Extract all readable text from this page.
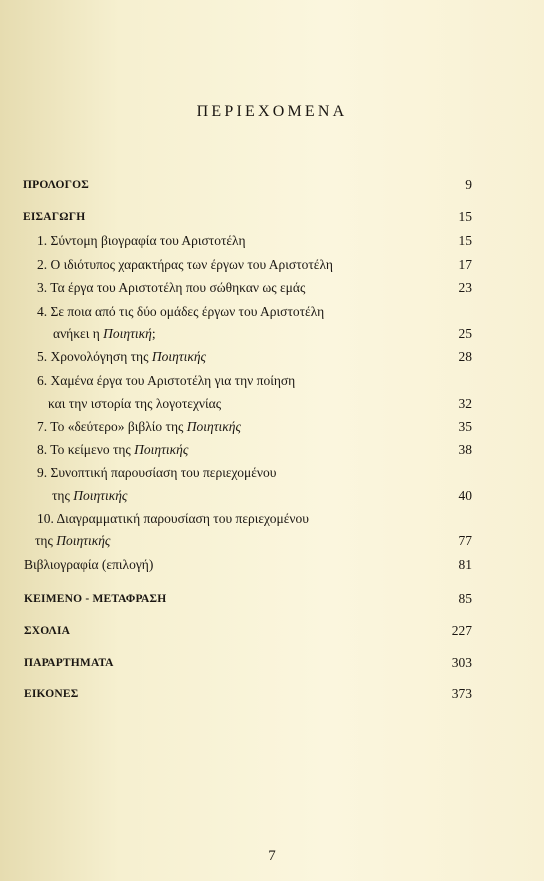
ΠΕΡΙΕΧΟΜΕΝΑ
ΠΡΟΛΟΓΟΣ	9
ΕΙΣΑΓΩΓΗ	15
1. Σύντομη βιογραφία του Αριστοτέλη	15
2. Ο ιδιότυπος χαρακτήρας των έργων του Αριστοτέλη	17
3. Τα έργα του Αριστοτέλη που σώθηκαν ως εμάς	23
4. Σε ποια από τις δύο ομάδες έργων του Αριστοτέλη
ανήκει η Ποιητική;	25
5. Χρονολόγηση της Ποιητικής	28
6. Χαμένα έργα του Αριστοτέλη για την ποίηση
και την ιστορία της λογοτεχνίας	32
7. Το «δεύτερο» βιβλίο της Ποιητικής	35
8. Το κείμενο της Ποιητικής	38
9. Συνοπτική παρουσίαση του περιεχομένου
της Ποιητικής	40
10. Διαγραμματική παρουσίαση του περιεχομένου
της Ποιητικής	77
Βιβλιογραφία (επιλογή)	81
ΚΕΙΜΕΝΟ - ΜΕΤΑΦΡΑΣΗ	85
ΣΧΟΛΙΑ	227
ΠΑΡΑΡΤΗΜΑΤΑ	303
ΕΙΚΟΝΕΣ	373
7
